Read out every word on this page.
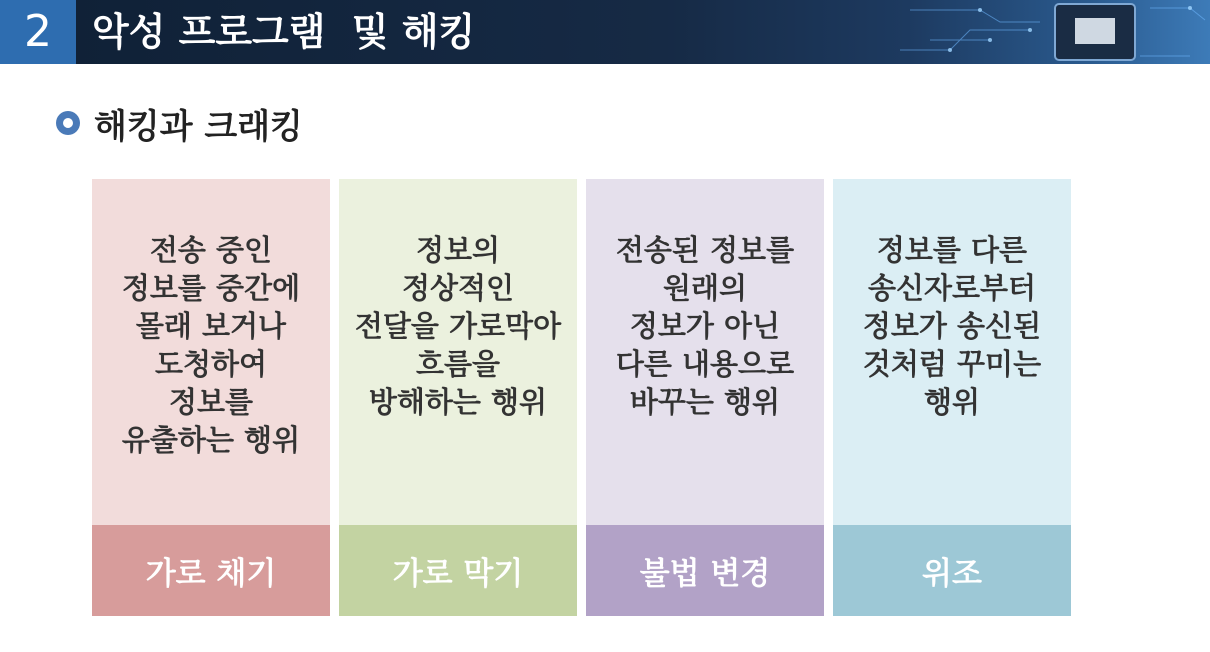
2	악성 프로그램  및 해킹
해킹과 크래킹
전송 중인
정보를 중간에
몰래 보거나
도청하여
정보를
유출하는 행위
가로 채기
정보의
정상적인
전달을 가로막아
흐름을
방해하는 행위
가로 막기
전송된 정보를
원래의
정보가 아닌
다른 내용으로
바꾸는 행위
불법 변경
정보를 다른
송신자로부터
정보가 송신된
것처럼 꾸미는
행위
위조
